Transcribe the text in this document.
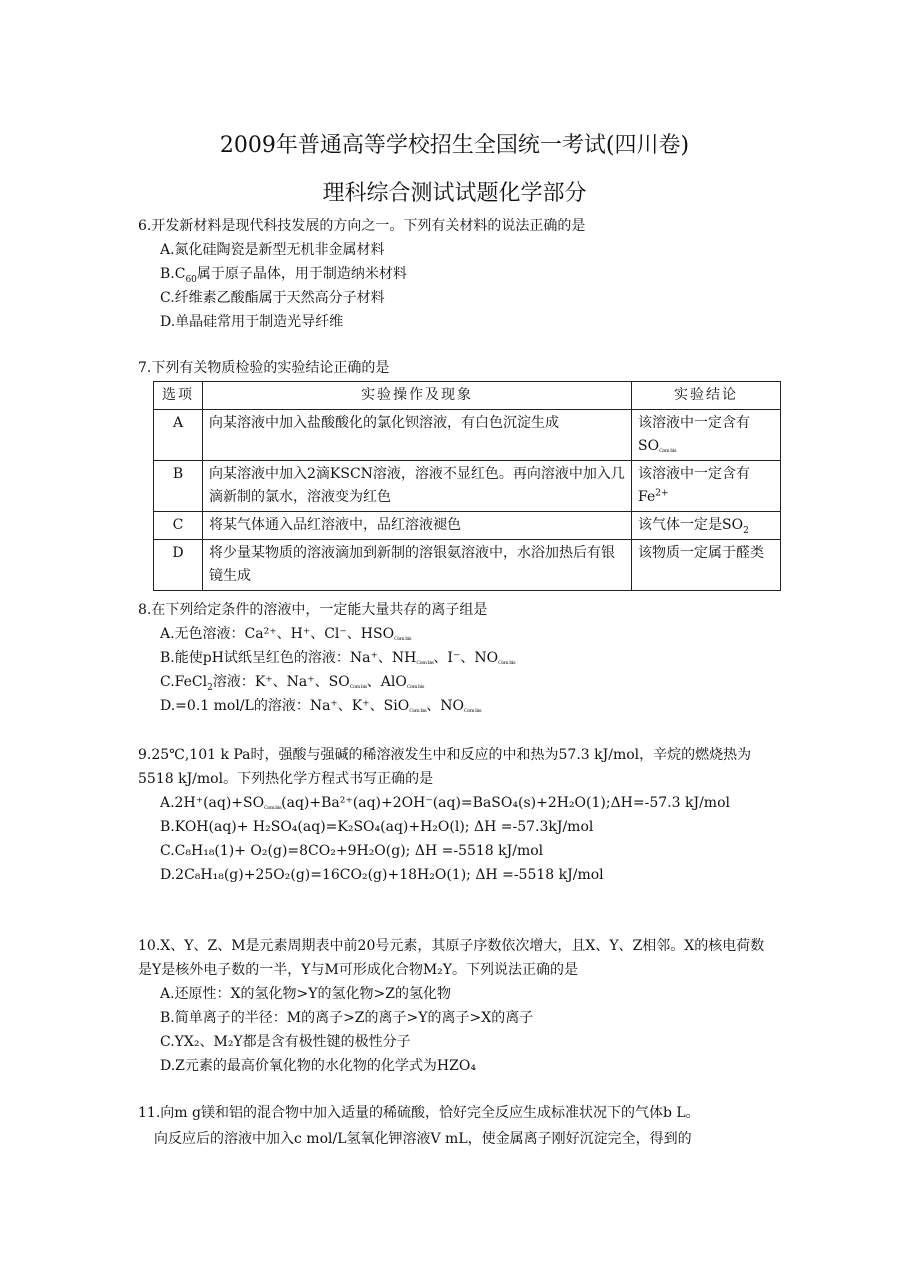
2009年普通高等学校招生全国统一考试(四川卷)
理科综合测试试题化学部分
6.开发新材料是现代科技发展的方向之一。下列有关材料的说法正确的是
A.氮化硅陶瓷是新型无机非金属材料
$B.C_{60}$属于原子晶体，用于制造纳米材料
C.纤维素乙酸酯属于天然高分子材料
D.单晶硅常用于制造光导纤维
7.下列有关物质检验的实验结论正确的是
选项	实验操作及现象	实验结论
A	向某溶液中加入盐酸酸化的氯化钡溶液，有白色沉淀生成	该溶液中一定含有SOCom bis
B	向某溶液中加入2滴KSCN溶液，溶液不显红色。再向溶液中加入几滴新制的氯水，溶液变为红色	该溶液中一定含有$Fe^{2+}$
C	将某气体通入品红溶液中，品红溶液褪色	该气体一定是$SO_2$
D	将少量某物质的溶液滴加到新制的溶银氨溶液中，水浴加热后有银镜生成	该物质一定属于醛类
8.在下列给定条件的溶液中，一定能大量共存的离子组是
A.无色溶液：Ca²⁺、H⁺、Cl⁻、HSOCom bis
B.能使pH试纸呈红色的溶液：Na⁺、NHCom bis、I⁻、NOCom bis
C.FeCl$_2$溶液：K⁺、Na⁺、SOCom bis、AlOCom bis
D.=0.1 mol/L的溶液：Na⁺、K⁺、SiOCom bis、NOCom bis
9.25℃,101 k Pa时，强酸与强碱的稀溶液发生中和反应的中和热为57.3 kJ/mol，辛烷的燃烧热为5518 kJ/mol。下列热化学方程式书写正确的是
A.2H⁺(aq)+SOCom bis(aq)+Ba²⁺(aq)+2OH⁻(aq)=BaSO₄(s)+2H₂O(1);ΔH=-57.3 kJ/mol
B.KOH(aq)+ H₂SO₄(aq)=K₂SO₄(aq)+H₂O(l); ΔH =-57.3kJ/mol
C.C₈H₁₈(1)+ O₂(g)=8CO₂+9H₂O(g); ΔH =-5518 kJ/mol
D.2C₈H₁₈(g)+25O₂(g)=16CO₂(g)+18H₂O(1); ΔH =-5518 kJ/mol
10.X、Y、Z、M是元素周期表中前20号元素，其原子序数依次增大，且X、Y、Z相邻。X的核电荷数是Y是核外电子数的一半，Y与M可形成化合物M₂Y。下列说法正确的是
A.还原性：X的氢化物>Y的氢化物>Z的氢化物
B.简单离子的半径：M的离子>Z的离子>Y的离子>X的离子
C.YX₂、M₂Y都是含有极性键的极性分子
D.Z元素的最高价氧化物的水化物的化学式为HZO₄
11.向m g镁和铝的混合物中加入适量的稀硫酸，恰好完全反应生成标准状况下的气体b L。
向反应后的溶液中加入c mol/L氢氧化钾溶液V mL，使金属离子刚好沉淀完全，得到的
